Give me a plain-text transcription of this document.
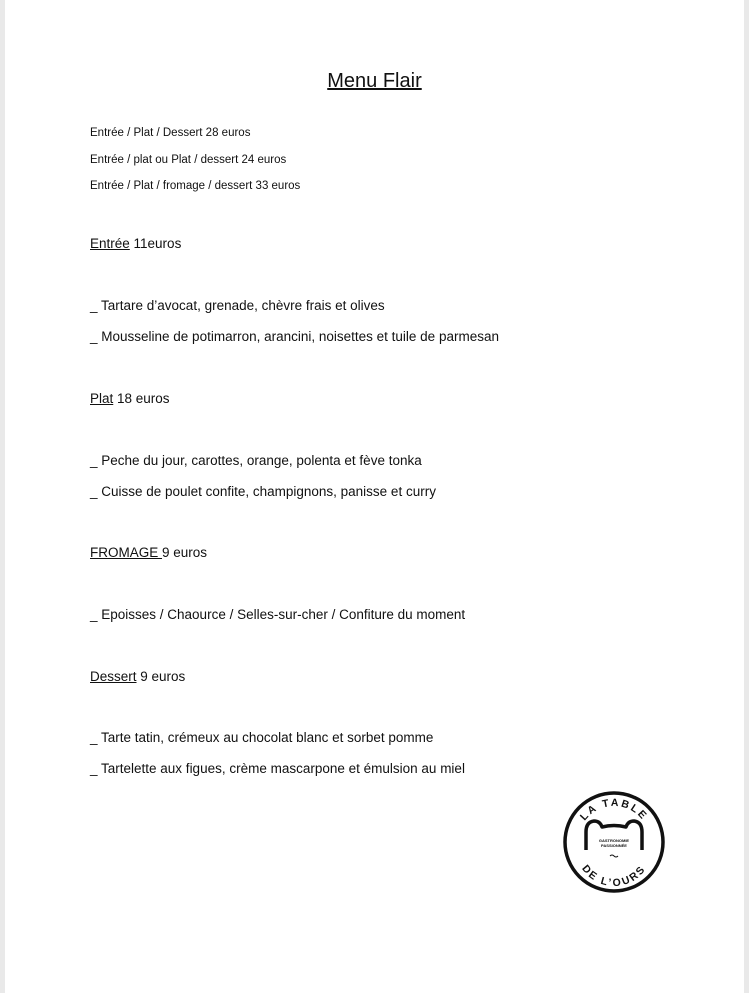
Menu Flair
Entrée / Plat / Dessert 28 euros
Entrée / plat ou Plat / dessert 24 euros
Entrée / Plat / fromage / dessert 33 euros
Entrée 11euros
_ Tartare d’avocat, grenade, chèvre frais et olives
_ Mousseline de potimarron, arancini, noisettes et tuile de parmesan
Plat 18 euros
_ Peche du jour, carottes, orange, polenta et fève tonka
_ Cuisse de poulet confite, champignons, panisse et curry
FROMAGE 9 euros
_ Epoisses / Chaource / Selles-sur-cher / Confiture du moment
Dessert 9 euros
_ Tarte tatin, crémeux au chocolat blanc et sorbet pomme
_ Tartelette aux figues, crème mascarpone et émulsion au miel
LA TABLE
DE L’OURS
GASTRONOMIE
PASSIONNÉE
